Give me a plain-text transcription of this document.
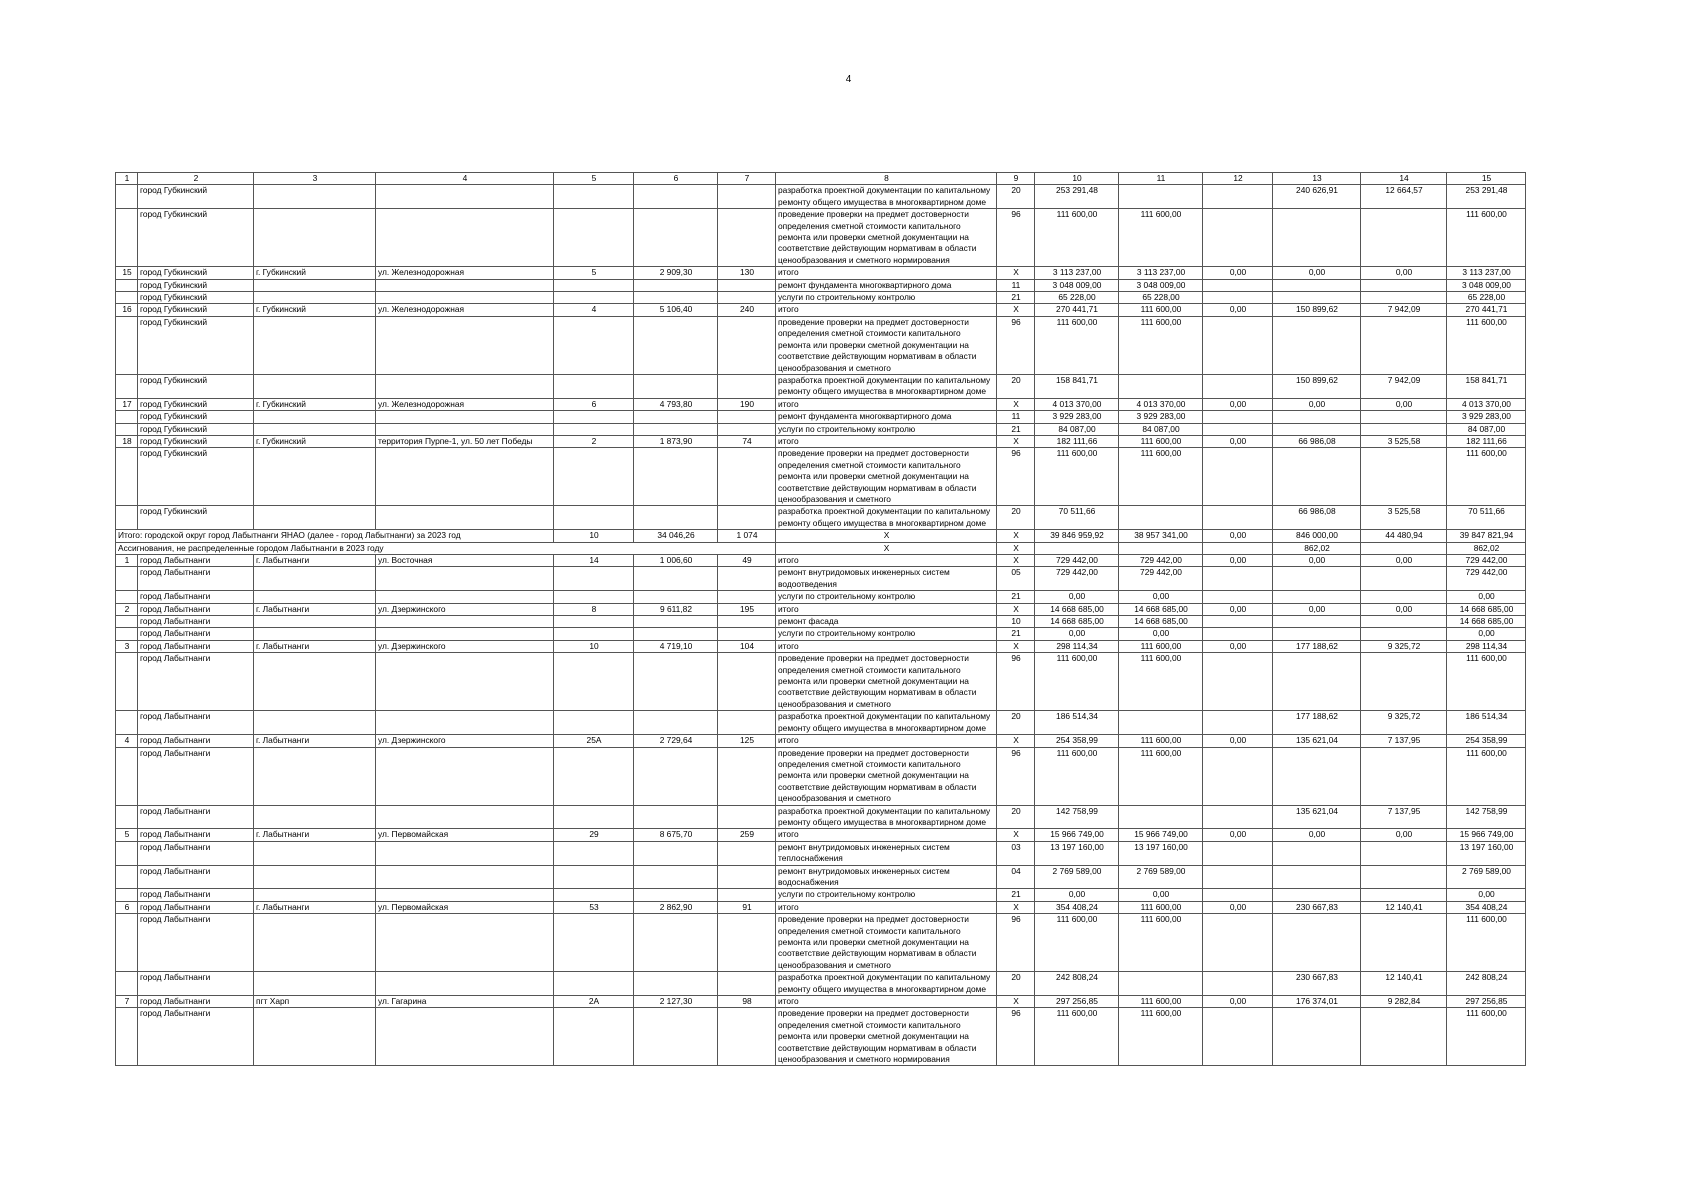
4
1	2	3	4	5	6	7	8	9	10	11	12	13	14	15
	город Губкинский						разработка проектной документации по капитальному ремонту общего имущества в многоквартирном доме	20	253 291,48			240 626,91	12 664,57	253 291,48
	город Губкинский						проведение проверки на предмет достоверности определения сметной стоимости капитального ремонта или проверки сметной документации на соответствие действующим нормативам в области ценообразования и сметного нормирования	96	111 600,00	111 600,00				111 600,00
15	город Губкинский	г. Губкинский	ул. Железнодорожная	5	2 909,30	130	итого	X	3 113 237,00	3 113 237,00	0,00	0,00	0,00	3 113 237,00
	город Губкинский						ремонт фундамента многоквартирного дома	11	3 048 009,00	3 048 009,00				3 048 009,00
	город Губкинский						услуги по строительному контролю	21	65 228,00	65 228,00				65 228,00
16	город Губкинский	г. Губкинский	ул. Железнодорожная	4	5 106,40	240	итого	X	270 441,71	111 600,00	0,00	150 899,62	7 942,09	270 441,71
	город Губкинский						проведение проверки на предмет достоверности определения сметной стоимости капитального ремонта или проверки сметной документации на соответствие действующим нормативам в области ценообразования и сметного	96	111 600,00	111 600,00				111 600,00
	город Губкинский						разработка проектной документации по капитальному ремонту общего имущества в многоквартирном доме	20	158 841,71			150 899,62	7 942,09	158 841,71
17	город Губкинский	г. Губкинский	ул. Железнодорожная	6	4 793,80	190	итого	X	4 013 370,00	4 013 370,00	0,00	0,00	0,00	4 013 370,00
	город Губкинский						ремонт фундамента многоквартирного дома	11	3 929 283,00	3 929 283,00				3 929 283,00
	город Губкинский						услуги по строительному контролю	21	84 087,00	84 087,00				84 087,00
18	город Губкинский	г. Губкинский	территория Пурпе-1, ул. 50 лет Победы	2	1 873,90	74	итого	X	182 111,66	111 600,00	0,00	66 986,08	3 525,58	182 111,66
	город Губкинский						проведение проверки на предмет достоверности определения сметной стоимости капитального ремонта или проверки сметной документации на соответствие действующим нормативам в области ценообразования и сметного	96	111 600,00	111 600,00				111 600,00
	город Губкинский						разработка проектной документации по капитальному ремонту общего имущества в многоквартирном доме	20	70 511,66			66 986,08	3 525,58	70 511,66
Итого: городской округ город Лабытнанги ЯНАО (далее - город Лабытнанги) за 2023 год				10	34 046,26	1 074	X	X	39 846 959,92	38 957 341,00	0,00	846 000,00	44 480,94	39 847 821,94
Ассигнования, не распределенные городом Лабытнанги в 2023 году							X	X				862,02		862,02
1	город Лабытнанги	г. Лабытнанги	ул. Восточная	14	1 006,60	49	итого	X	729 442,00	729 442,00	0,00	0,00	0,00	729 442,00
	город Лабытнанги						ремонт внутридомовых инженерных систем водоотведения	05	729 442,00	729 442,00				729 442,00
	город Лабытнанги						услуги по строительному контролю	21	0,00	0,00				0,00
2	город Лабытнанги	г. Лабытнанги	ул. Дзержинского	8	9 611,82	195	итого	X	14 668 685,00	14 668 685,00	0,00	0,00	0,00	14 668 685,00
	город Лабытнанги						ремонт фасада	10	14 668 685,00	14 668 685,00				14 668 685,00
	город Лабытнанги						услуги по строительному контролю	21	0,00	0,00				0,00
3	город Лабытнанги	г. Лабытнанги	ул. Дзержинского	10	4 719,10	104	итого	X	298 114,34	111 600,00	0,00	177 188,62	9 325,72	298 114,34
	город Лабытнанги						проведение проверки на предмет достоверности определения сметной стоимости капитального ремонта или проверки сметной документации на соответствие действующим нормативам в области ценообразования и сметного	96	111 600,00	111 600,00				111 600,00
	город Лабытнанги						разработка проектной документации по капитальному ремонту общего имущества в многоквартирном доме	20	186 514,34			177 188,62	9 325,72	186 514,34
4	город Лабытнанги	г. Лабытнанги	ул. Дзержинского	25А	2 729,64	125	итого	X	254 358,99	111 600,00	0,00	135 621,04	7 137,95	254 358,99
	город Лабытнанги						проведение проверки на предмет достоверности определения сметной стоимости капитального ремонта или проверки сметной документации на соответствие действующим нормативам в области ценообразования и сметного	96	111 600,00	111 600,00				111 600,00
	город Лабытнанги						разработка проектной документации по капитальному ремонту общего имущества в многоквартирном доме	20	142 758,99			135 621,04	7 137,95	142 758,99
5	город Лабытнанги	г. Лабытнанги	ул. Первомайская	29	8 675,70	259	итого	X	15 966 749,00	15 966 749,00	0,00	0,00	0,00	15 966 749,00
	город Лабытнанги						ремонт внутридомовых инженерных систем теплоснабжения	03	13 197 160,00	13 197 160,00				13 197 160,00
	город Лабытнанги						ремонт внутридомовых инженерных систем водоснабжения	04	2 769 589,00	2 769 589,00				2 769 589,00
	город Лабытнанги						услуги по строительному контролю	21	0,00	0,00				0,00
6	город Лабытнанги	г. Лабытнанги	ул. Первомайская	53	2 862,90	91	итого	X	354 408,24	111 600,00	0,00	230 667,83	12 140,41	354 408,24
	город Лабытнанги						проведение проверки на предмет достоверности определения сметной стоимости капитального ремонта или проверки сметной документации на соответствие действующим нормативам в области ценообразования и сметного	96	111 600,00	111 600,00				111 600,00
	город Лабытнанги						разработка проектной документации по капитальному ремонту общего имущества в многоквартирном доме	20	242 808,24			230 667,83	12 140,41	242 808,24
7	город Лабытнанги	пгт Харп	ул. Гагарина	2А	2 127,30	98	итого	X	297 256,85	111 600,00	0,00	176 374,01	9 282,84	297 256,85
	город Лабытнанги						проведение проверки на предмет достоверности определения сметной стоимости капитального ремонта или проверки сметной документации на соответствие действующим нормативам в области ценообразования и сметного нормирования	96	111 600,00	111 600,00				111 600,00
